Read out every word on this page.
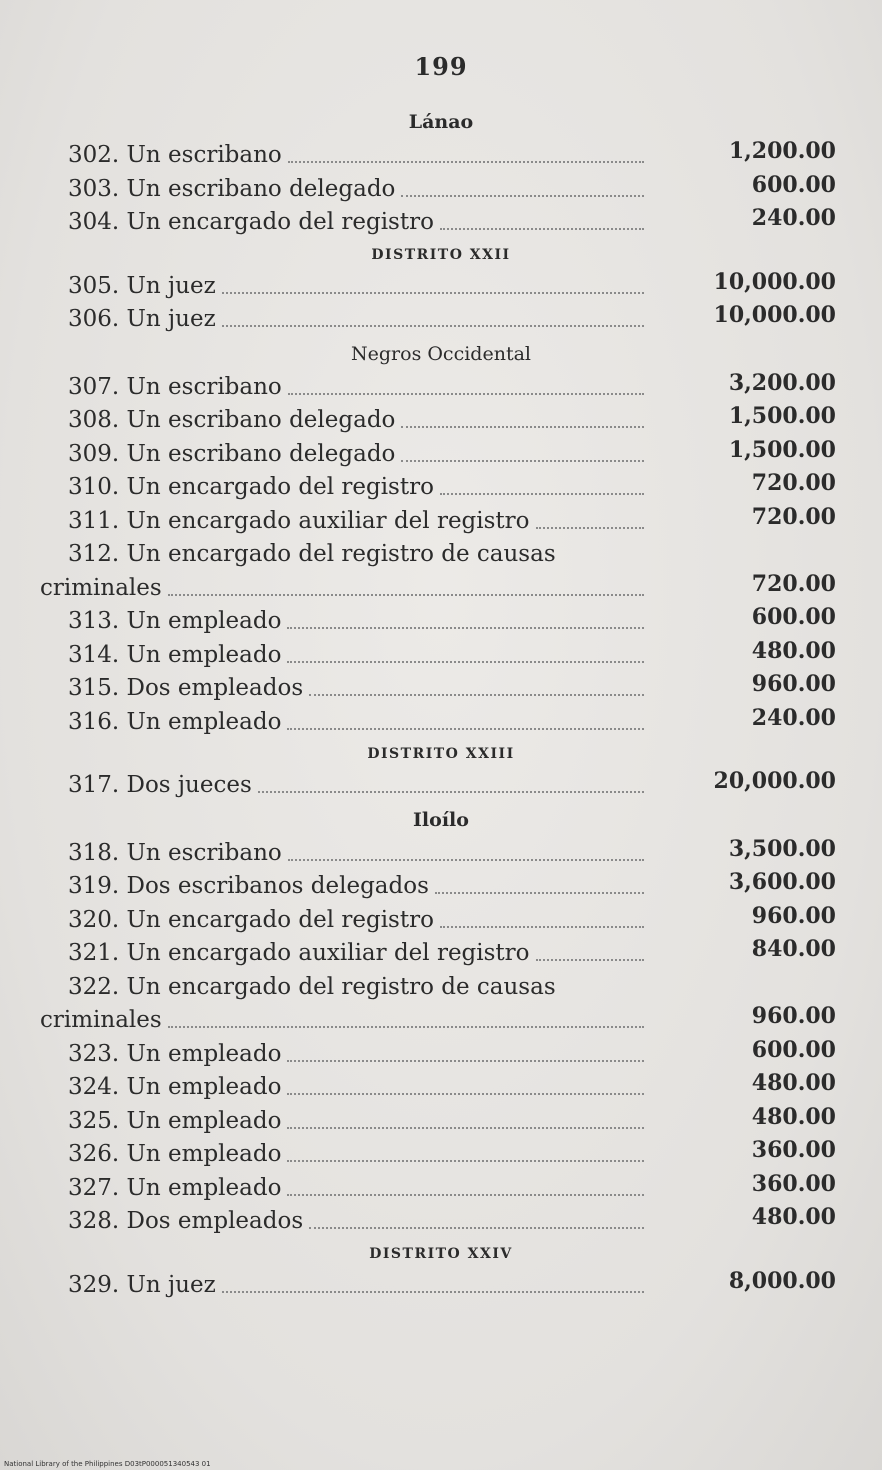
199
Lánao
302. Un escribano	1,200.00
303. Un escribano delegado	600.00
304. Un encargado del registro	240.00
DISTRITO XXII
305. Un juez	10,000.00
306. Un juez	10,000.00
Negros Occidental
307. Un escribano	3,200.00
308. Un escribano delegado	1,500.00
309. Un escribano delegado	1,500.00
310. Un encargado del registro	720.00
311. Un encargado auxiliar del registro	720.00
312. Un encargado del registro de causas
criminales	720.00
313. Un empleado	600.00
314. Un empleado	480.00
315. Dos empleados	960.00
316. Un empleado	240.00
DISTRITO XXIII
317. Dos jueces	20,000.00
Iloílo
318. Un escribano	3,500.00
319. Dos escribanos delegados	3,600.00
320. Un encargado del registro	960.00
321. Un encargado auxiliar del registro	840.00
322. Un encargado del registro de causas
criminales	960.00
323. Un empleado	600.00
324. Un empleado	480.00
325. Un empleado	480.00
326. Un empleado	360.00
327. Un empleado	360.00
328. Dos empleados	480.00
DISTRITO XXIV
329. Un juez	8,000.00
National Library of the Philippines D03tP000051340543 01
